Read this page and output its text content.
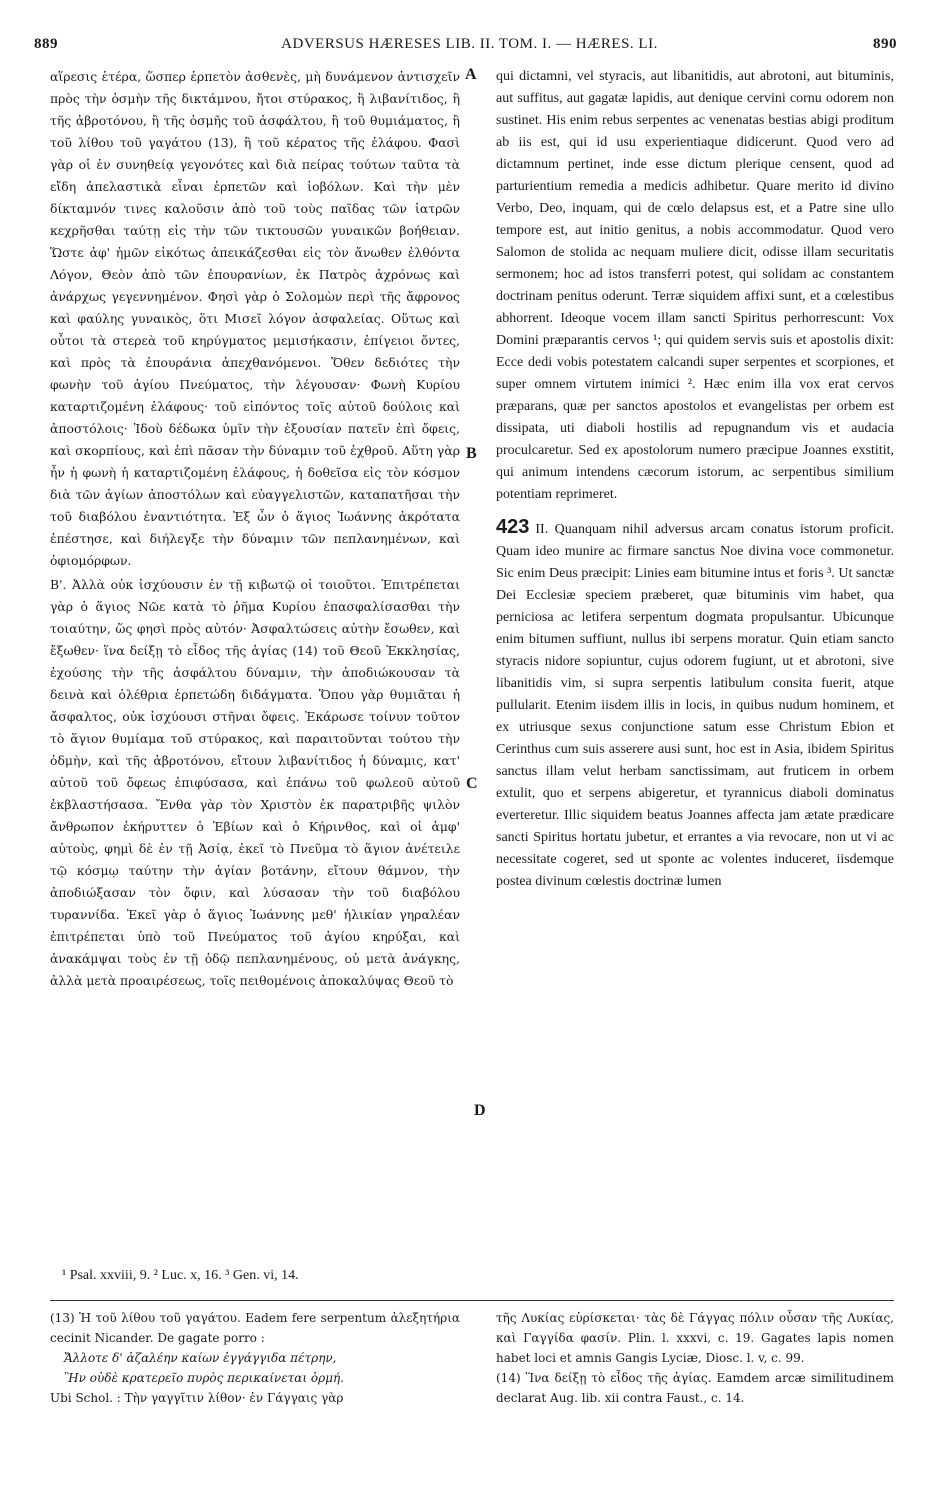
889	ADVERSUS HÆRESES LIB. II. TOM. I. — HÆRES. LI.	890
A
B
C
D

αἵρεσις ἑτέρα, ὥσπερ ἑρπετὸν ἀσθενὲς, μὴ δυνάμενον ἀντισχεῖν πρὸς τὴν ὀσμὴν τῆς δικτάμνου, ἤτοι στύρακος, ἢ λιβανίτιδος, ἢ τῆς ἀβροτόνου, ἢ τῆς ὀσμῆς τοῦ ἀσφάλτου, ἢ τοῦ θυμιάματος, ἢ τοῦ λίθου τοῦ γαγάτου (13), ἢ τοῦ κέρατος τῆς ἐλάφου. Φασὶ γὰρ οἱ ἐν συνηθείᾳ γεγονότες καὶ διὰ πείρας τούτων ταῦτα τὰ εἴδη ἀπελαστικὰ εἶναι ἑρπετῶν καὶ ἰοβόλων. Καὶ τὴν μὲν δίκταμνόν τινες καλοῦσιν ἀπὸ τοῦ τοὺς παῖδας τῶν ἰατρῶν κεχρῆσθαι ταύτῃ εἰς τὴν τῶν τικτουσῶν γυναικῶν βοήθειαν. Ὥστε ἀφ' ἡμῶν εἰκότως ἀπεικάζεσθαι εἰς τὸν ἄνωθεν ἐλθόντα Λόγον, Θεὸν ἀπὸ τῶν ἐπουρανίων, ἐκ Πατρὸς ἀχρόνως καὶ ἀνάρχως γεγεννημένον. Φησὶ γὰρ ὁ Σολομὼν περὶ τῆς ἄφρονος καὶ φαύλης γυναικὸς, ὅτι Μισεῖ λόγον ἀσφαλείας. Οὕτως καὶ οὗτοι τὰ στερεὰ τοῦ κηρύγματος μεμισήκασιν, ἐπίγειοι ὄντες, καὶ πρὸς τὰ ἐπουράνια ἀπεχθανόμενοι. Ὅθεν δεδιότες τὴν φωνὴν τοῦ ἁγίου Πνεύματος, τὴν λέγουσαν· Φωνὴ Κυρίου καταρτιζομένη ἐλάφους· τοῦ εἰπόντος τοῖς αὐτοῦ δούλοις καὶ ἀποστόλοις· Ἰδοὺ δέδωκα ὑμῖν τὴν ἐξουσίαν πατεῖν ἐπὶ ὄφεις, καὶ σκορπίους, καὶ ἐπὶ πᾶσαν τὴν δύναμιν τοῦ ἐχθροῦ. Αὕτη γὰρ ἦν ἡ φωνὴ ἡ καταρτιζομένη ἐλάφους, ἡ δοθεῖσα εἰς τὸν κόσμον διὰ τῶν ἁγίων ἀποστόλων καὶ εὐαγγελιστῶν, καταπατῆσαι τὴν τοῦ διαβόλου ἐναντιότητα. Ἐξ ὧν ὁ ἅγιος Ἰωάννης ἀκρότατα ἐπέστησε, καὶ διήλεγξε τὴν δύναμιν τῶν πεπλανημένων, καὶ ὀφιομόρφων.

Β'. Ἀλλὰ οὐκ ἰσχύουσιν ἐν τῇ κιβωτῷ οἱ τοιοῦτοι. Ἐπιτρέπεται γὰρ ὁ ἅγιος Νῶε κατὰ τὸ ῥῆμα Κυρίου ἐπασφαλίσασθαι τὴν τοιαύτην, ὥς φησὶ πρὸς αὐτόν· Ἀσφαλτώσεις αὐτὴν ἔσωθεν, καὶ ἔξωθεν· ἵνα δείξῃ τὸ εἶδος τῆς ἁγίας (14) τοῦ Θεοῦ Ἐκκλησίας, ἐχούσης τὴν τῆς ἀσφάλτου δύναμιν, τὴν ἀποδιώκουσαν τὰ δεινὰ καὶ ὀλέθρια ἑρπετώδη διδάγματα. Ὅπου γὰρ θυμιᾶται ἡ ἄσφαλτος, οὐκ ἰσχύουσι στῆναι ὄφεις. Ἐκάρωσε τοίνυν τοῦτον τὸ ἅγιον θυμίαμα τοῦ στύρακος, καὶ παραιτοῦνται τούτου τὴν ὀδμὴν, καὶ τῆς ἀβροτόνου, εἴτουν λιβανίτιδος ἡ δύναμις, κατ' αὐτοῦ τοῦ ὄφεως ἐπιφύσασα, καὶ ἐπάνω τοῦ φωλεοῦ αὐτοῦ ἐκβλαστήσασα. Ἔνθα γὰρ τὸν Χριστὸν ἐκ παρατριβῆς ψιλὸν ἄνθρωπον ἐκήρυττεν ὁ Ἐβίων καὶ ὁ Κήρινθος, καὶ οἱ ἀμφ' αὐτοὺς, φημὶ δὲ ἐν τῇ Ἀσίᾳ, ἐκεῖ τὸ Πνεῦμα τὸ ἅγιον ἀνέτειλε τῷ κόσμῳ ταύτην τὴν ἁγίαν βοτάνην, εἴτουν θάμνον, τὴν ἀποδιώξασαν τὸν ὄφιν, καὶ λύσασαν τὴν τοῦ διαβόλου τυραννίδα. Ἐκεῖ γὰρ ὁ ἅγιος Ἰωάννης μεθ' ἡλικίαν γηραλέαν ἐπιτρέπεται ὑπὸ τοῦ Πνεύματος τοῦ ἁγίου κηρύξαι, καὶ ἀνακάμψαι τοὺς ἐν τῇ ὁδῷ πεπλανημένους, οὐ μετὰ ἀνάγκης, ἀλλὰ μετὰ προαιρέσεως, τοῖς πειθομένοις ἀποκαλύψας Θεοῦ τὸ

qui dictamni, vel styracis, aut libanitidis, aut abrotoni, aut bituminis, aut suffitus, aut gagatæ lapidis, aut denique cervini cornu odorem non sustinet. His enim rebus serpentes ac venenatas bestias abigi proditum ab iis est, qui id usu experientiaque didicerunt. Quod vero ad dictamnum pertinet, inde esse dictum plerique censent, quod ad parturientium remedia a medicis adhibetur. Quare merito id divino Verbo, Deo, inquam, qui de cœlo delapsus est, et a Patre sine ullo tempore est, aut initio genitus, a nobis accommodatur. Quod vero Salomon de stolida ac nequam muliere dicit, odisse illam securitatis sermonem; hoc ad istos transferri potest, qui solidam ac constantem doctrinam penitus oderunt. Terræ siquidem affixi sunt, et a cœlestibus abhorrent. Ideoque vocem illam sancti Spiritus perhorrescunt: Vox Domini præparantis cervos ¹; qui quidem servis suis et apostolis dixit: Ecce dedi vobis potestatem calcandi super serpentes et scorpiones, et super omnem virtutem inimici ². Hæc enim illa vox erat cervos præparans, quæ per sanctos apostolos et evangelistas per orbem est dissipata, uti diaboli hostilis ad repugnandum vis et audacia proculcaretur. Sed ex apostolorum numero præcipue Joannes exstitit, qui animum intendens cæcorum istorum, ac serpentibus similium potentiam reprimeret.

423 II. Quanquam nihil adversus arcam conatus istorum proficit. Quam ideo munire ac firmare sanctus Noe divina voce commonetur. Sic enim Deus præcipit: Linies eam bitumine intus et foris ³. Ut sanctæ Dei Ecclesiæ speciem præberet, quæ bituminis vim habet, qua perniciosa ac letifera serpentum dogmata propulsantur. Ubicunque enim bitumen suffiunt, nullus ibi serpens moratur. Quin etiam sancto styracis nidore sopiuntur, cujus odorem fugiunt, ut et abrotoni, sive libanitidis vim, si supra serpentis latibulum consita fuerit, atque pullularit. Etenim iisdem illis in locis, in quibus nudum hominem, et ex utriusque sexus conjunctione satum esse Christum Ebion et Cerinthus cum suis asserere ausi sunt, hoc est in Asia, ibidem Spiritus sanctus illam velut herbam sanctissimam, aut fruticem in orbem extulit, quo et serpens abigeretur, et tyrannicus diaboli dominatus everteretur. Illic siquidem beatus Joannes affecta jam ætate prædicare sancti Spiritus hortatu jubetur, et errantes a via revocare, non ut vi ac necessitate cogeret, sed ut sponte ac volentes induceret, iisdemque postea divinum cœlestis doctrinæ lumen

¹ Psal. xxviii, 9. ² Luc. x, 16. ³ Gen. vi, 14.

(13) Ἡ τοῦ λίθου τοῦ γαγάτου. Eadem fere serpentum ἀλεξητήρια cecinit Nicander. De gagate porro :

Ἄλλοτε δ' ἀζαλέην καίων ἐγγάγγιδα πέτρην,

Ἣν οὐδὲ κρατερεῖο πυρὸς περικαίνεται ὁρμή.

Ubi Schol. : Τὴν γαγγῖτιν λίθον· ἐν Γάγγαις γὰρ

τῆς Λυκίας εὑρίσκεται· τὰς δὲ Γάγγας πόλιν οὖσαν τῆς Λυκίας, καὶ Γαγγίδα φασίν. Plin. l. xxxvi, c. 19. Gagates lapis nomen habet loci et amnis Gangis Lyciæ, Diosc. l. v, c. 99.

(14) Ἵνα δείξῃ τὸ εἶδος τῆς ἁγίας. Eamdem arcæ similitudinem declarat Aug. lib. xii contra Faust., c. 14.
